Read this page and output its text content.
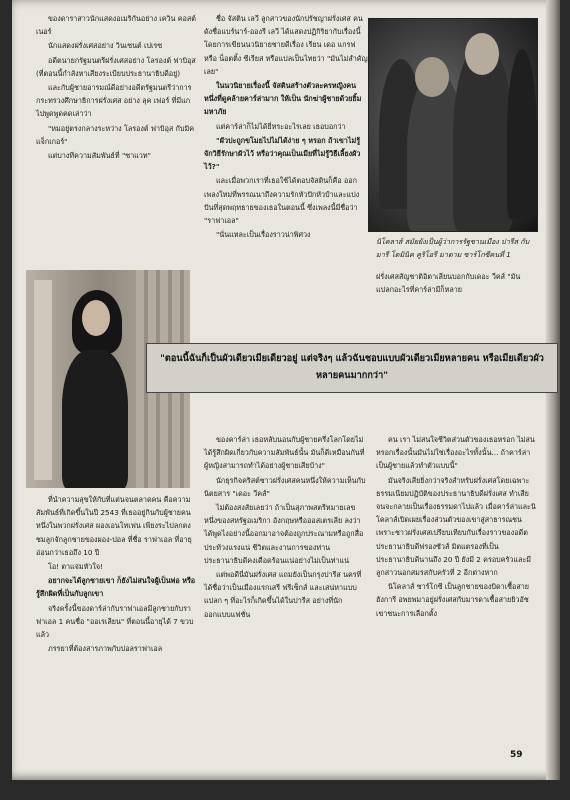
ของดาราสาวนักแสดงอเมริกันอย่าง เควิน คอสต์เนอร์

นักแสดงฝรั่งเศสอย่าง วินเซนต์ เปเรซ

อดีตนายกรัฐมนตรีฝรั่งเศสอย่าง โลรองต์ ฟาบิอุส (ที่ตอนนี้กำลังหาเสียงระเบียบประธานาธิบดีอยู่)

และกับผู้ชายอารมณ์ดีอย่างอดีตรัฐมนตรีว่าการกระทรวงศึกษาธิการฝรั่งเศส อย่าง ลุค เฟอร์ ที่มีแกไปพูดพูดคดเล่าว่า

"หมอยู่ตรงกลางระหว่าง โลรองต์ ฟาบิอุส กับมิค แจ็กเกอร์"

แต่บางทีความสัมพันธ์ที่ "ซาแวท"

ชื่อ จัสติน เลวี ลูกสาวของนักปรัชญาฝรั่งเศส คนดังชื่อแบร์นาร์-อองรี เลวี ได้แสดงปฏิกิริยากับเรื่องนี้โดยการเขียนนวนิยายชายดีเรื่อง เรียน เดอ แกรฟ หรือ น็อตติ้ง ซีเรียส หรือแปลเป็นไทยว่า "มันไม่สำคัญเลย"

ในนวนิยายเรื่องนี้ จัสตินสร้างตัวละครหญิงคนหนึ่งที่ดูคล้ายคาร์ล่ามาก ให้เป็น นักฆ่าผู้ชายด้วยยิ้มมหาภัย

แต่คาร์ล่าก็ไม่ได้ยี่หระอะไรเลย เธอบอกว่า

"ผัวปะถูกขโมยไปไม่ได้ง่าย ๆ หรอก ถ้าเขาไม่รู้จักวิธีรักษาผัวไว้ หรือว่าคุณเป็นเมียที่ไม่รู้วิธีเลี้ยงผัวไว้?"

และเมื่อพวกเราที่เธอใช้ได้ตอบจัสตินก็คือ ออกเพลงใหม่ที่พรรณนาถึงความรักหัวปักหัวปำและแบ่งปันที่สุดพฤทธายของเธอในตอนนี้ ซึ่งเพลงนี้มีชื่อว่า "ราฟาเอล"

"นั่นแหละเป็นเรื่องราวน่าพิศวง

นิโคลาส์ สมัยยังเป็นผู้ว่าการรัฐชานเมือง ปารีส กับ มารี โดมินิค คูริโอรี มาดาม ซาร์โกซีคนที่ 1
ฝรั่งเศสสัญชาติอิตาเลียนบอกกับเดอะ วีคส์ "มันแปลกอะไรที่คาร์ล่ามีก็หลาย
"ตอนนี้ฉันก็เป็นผัวเดียวเมียเดียวอยู่ แต่จริงๆ แล้วฉันชอบแบบผัวเดียวเมียหลายคน หรือเมียเดียวผัวหลายคนมากกว่า"

ที่นำความสุขให้กับที่แต่นจนตลาดคน คือความสัมพันธ์ที่เกิดขึ้นในปี 2543 ที่เธออยู่กินกับผู้ชายคนหนึ่งในพวกฝรั่งเศส ผองเอนโทเฟน เพียงระไปลกตงชมลูกจักลูกชายของผอง-ปอล ที่ชื่อ ราฟาเอล ที่อายุอ่อนกว่าเธอถึง 10 ปี

โอ! ตาแจ่มหัวใจ!

อยากจะได้ลูกชายเขา ก็ยังไม่สนใจผู้เป็นพ่อ หรือรู้สึกผิดที่เป็นกับลูกเขา

จริงครั้งนี้ของดาร์ล่ากับราฟาเอลมีลูกชายกับราฟาเอล 1 คนชื่อ "ออเรเลียน" ที่ตอนนี้อายุได้ 7 ขวบแล้ว

ภรรยาที่ต้องสารภาพกับปอลราฟาเอล

ของคาร์ล่า เธอหลับนอนกับผู้ชายครึ่งโลกโดยไม่ได้รู้สึกผิดเกี่ยวกับความสัมพันธ์นั้น มันก็ดีเหมือนกันที่ผู้หญิงสามารถทำได้อย่างผู้ชายเสียบ้าง"

นักธุรกิจคริสต์ชาวฝรั่งเศสคนหนึ่งให้ความเห็นกับนิตยสาร "เดอะ วีคส์"

ไม่ต้องสงสัยเลยว่า ถ้าเป็นสุภาพสตรีหมายเลขหนึ่งของสหรัฐอเมริกา อังกฤษหรือออสเตรเลีย ลงว่าได้พูดไงอย่างนี้ออกมาอาจต้องถูกประณามหรือถูกสื่อประท้วงแรงแน่ ชีวิตและงานการของท่านประธานาธิบดีคงเดือดร้อนแน่อย่างไม่เป็นท่าแน่

แต่พอดีนี่มันฝรั่งเศส แถมยังเป็นกรุงปารีส นครที่ได้ชื่อว่าเป็นเมืองแรกเสรี ฟรีเซ็กส์ และเสน่หาแบบแปลก ๆ ที่อะไรก็เกิดขึ้นได้ในปารีส อย่างที่นักออกแบบแฟชั่น

คน เรา ไม่สนใจชีวิตส่วนตัวของเธอหรอก ไม่สนหรอกเรื่องนั้นมันไม่ใช่เรื่องอะไรทั้งนั้น... ถ้าคาร์ล่าเป็นผู้ชายแล้วทำตัวแบบนี้"

มันจริงเสียยิ่งกว่าจริงสำหรับฝรั่งเศสโดยเฉพาะธรรมเนียมปฏิบัติของประธานาธิบดีฝรั่งเศส ทำเสียจนจะกลายเป็นเรื่องธรรมดาไปแล้ว เมื่อคาร์ล่าและนิโคลาส์เปิดเผยเรื่องส่วนตัวของเขาสู่สาธารณชนเพราะชาวฝรั่งเศสเปรียบเทียบกับเรื่องราวของอดีตประธานาธิบดีฟรองซัวส์ มิตแตรองที่เป็นประธานาธิบดีนานถึง 20 ปี ยังมี 2 ครอบครัวและมีลูกสาวนอกสมรสกับครัวที่ 2 อีกต่างหาก

นิโคลาส์ ซาร์โกซี เป็นลูกชายของบิดาเชื้อสายฮังการี อพยพมาอยู่ฝรั่งเศสกับมารดาเชื้อสายยิวอัช เขาชนะการเลือกตั้ง

59
